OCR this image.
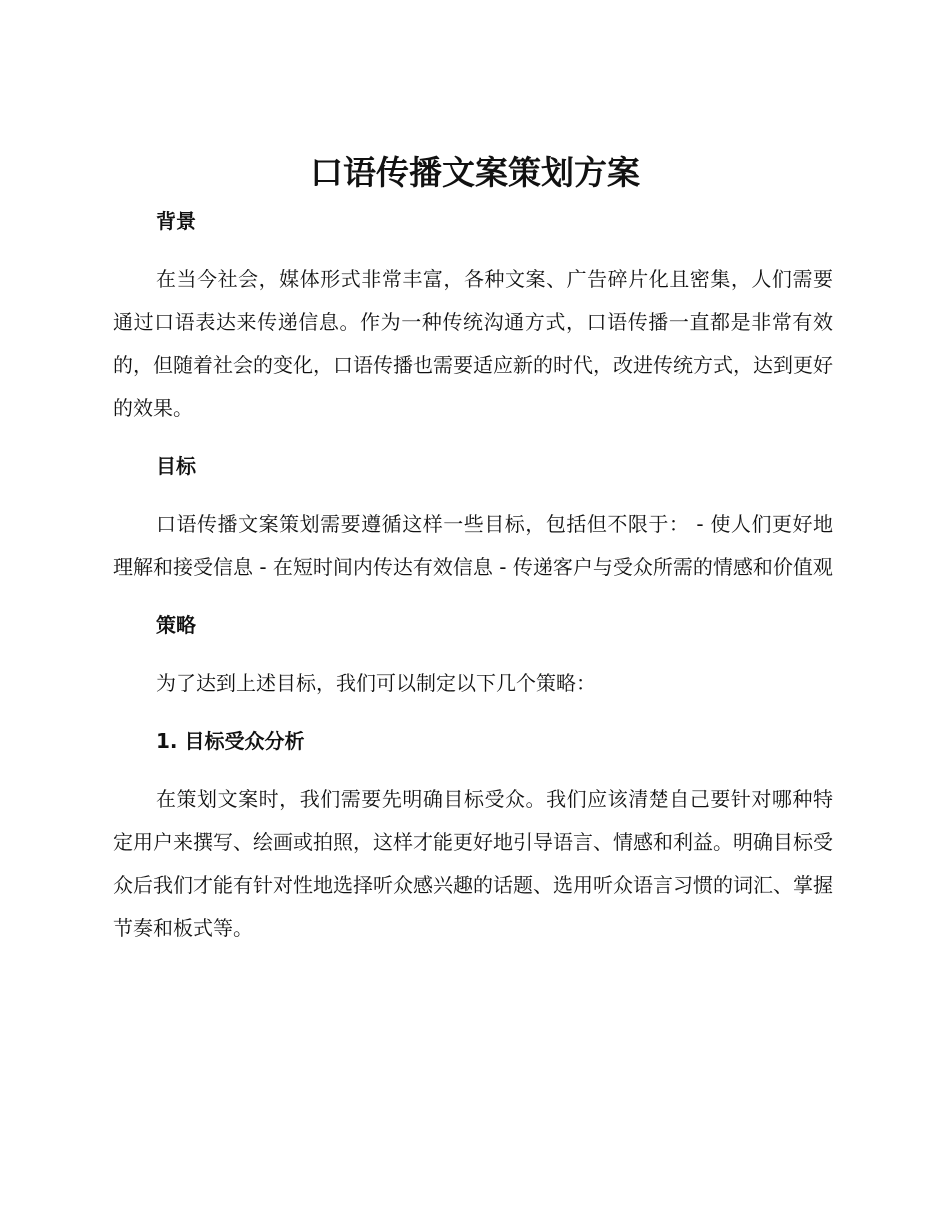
口语传播文案策划方案

背景

在当今社会，媒体形式非常丰富，各种文案、广告碎片化且密集，人们需要通过口语表达来传递信息。作为一种传统沟通方式，口语传播一直都是非常有效的，但随着社会的变化，口语传播也需要适应新的时代，改进传统方式，达到更好的效果。

目标

口语传播文案策划需要遵循这样一些目标，包括但不限于： - 使人们更好地理解和接受信息 - 在短时间内传达有效信息 - 传递客户与受众所需的情感和价值观

策略

为了达到上述目标，我们可以制定以下几个策略：

1. 目标受众分析

在策划文案时，我们需要先明确目标受众。我们应该清楚自己要针对哪种特定用户来撰写、绘画或拍照，这样才能更好地引导语言、情感和利益。明确目标受众后我们才能有针对性地选择听众感兴趣的话题、选用听众语言习惯的词汇、掌握节奏和板式等。
